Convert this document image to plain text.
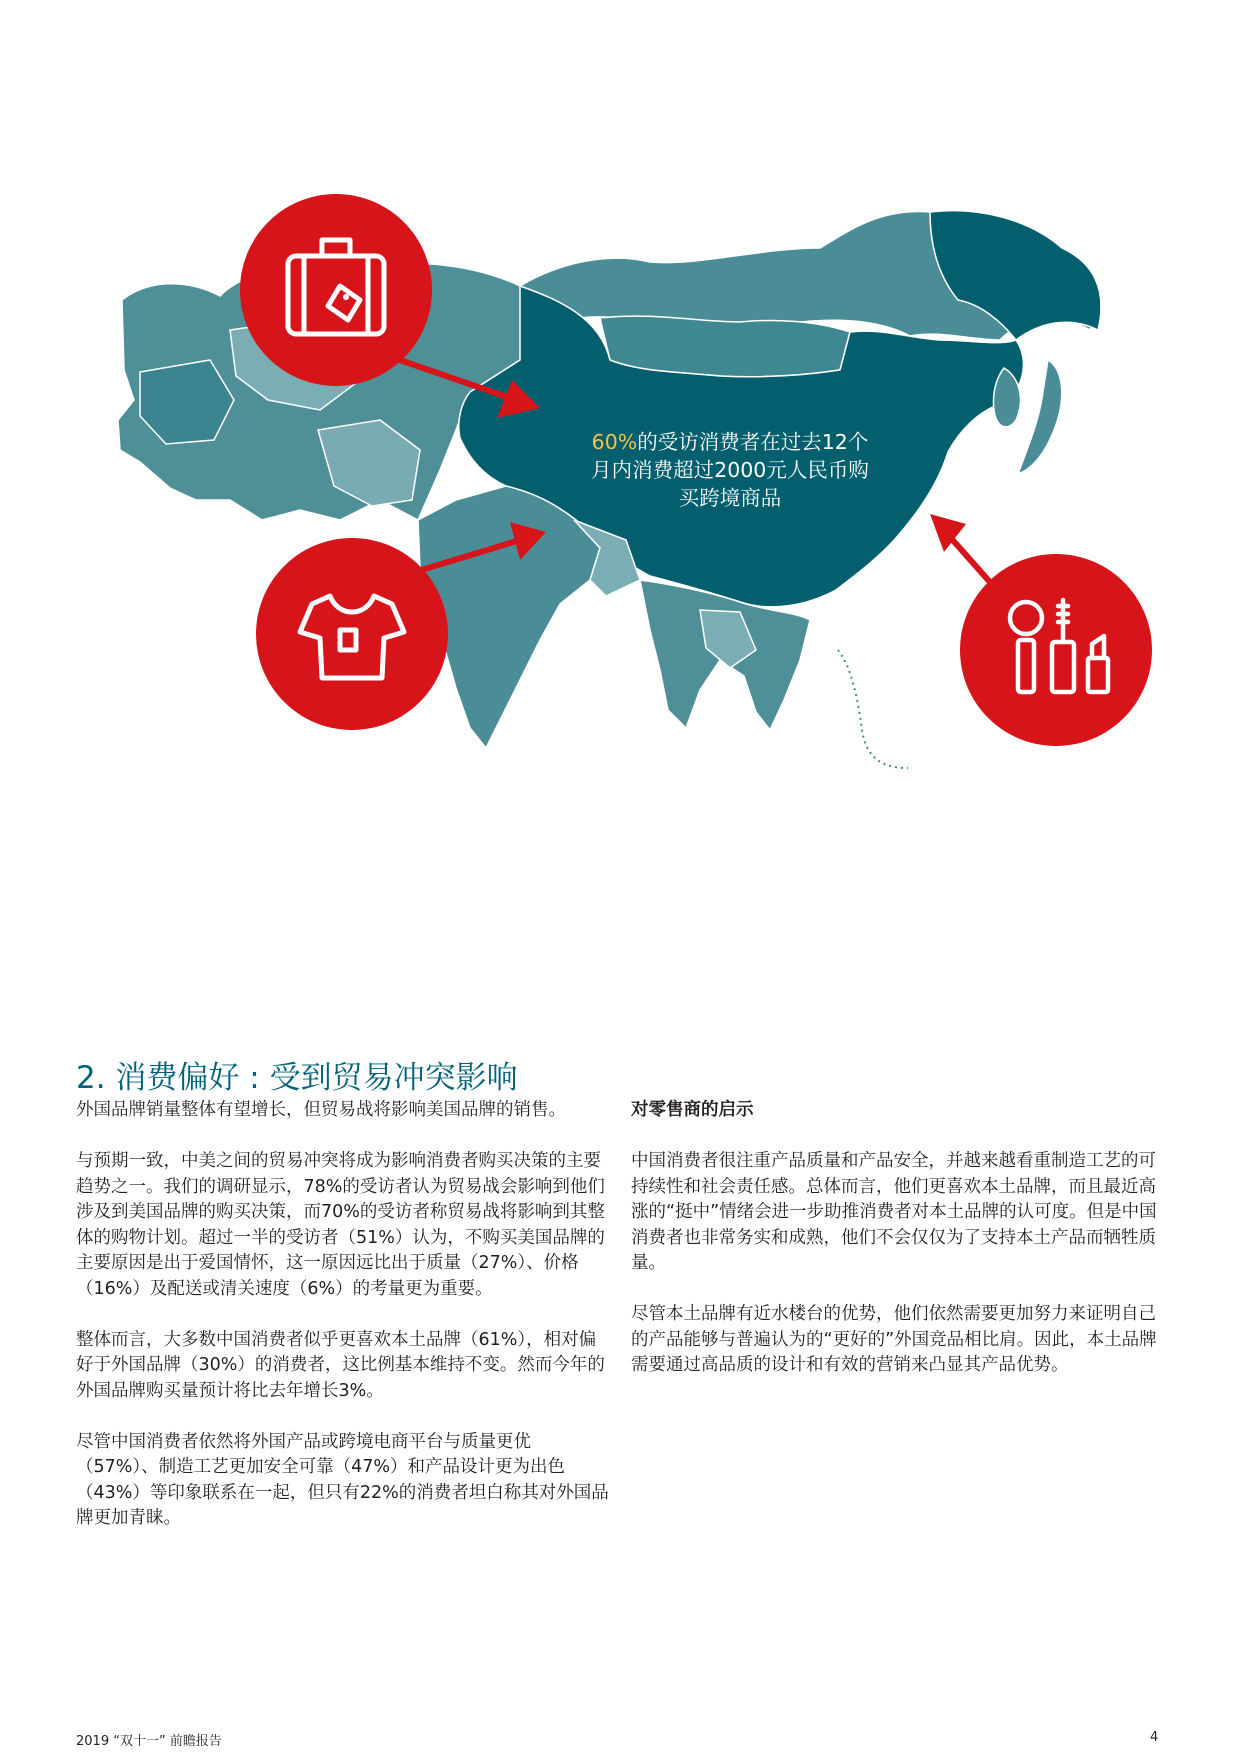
60%的受访消费者在过去12个
月内消费超过2000元人民币购
买跨境商品
2. 消费偏好 : 受到贸易冲突影响

外国品牌销量整体有望增长，但贸易战将影响美国品牌的销售。

与预期一致，中美之间的贸易冲突将成为影响消费者购买决策的主要趋势之一。我们的调研显示，78%的受访者认为贸易战会影响到他们涉及到美国品牌的购买决策，而70%的受访者称贸易战将影响到其整体的购物计划。超过一半的受访者（51%）认为，不购买美国品牌的主要原因是出于爱国情怀，这一原因远比出于质量（27%）、价格（16%）及配送或清关速度（6%）的考量更为重要。

整体而言，大多数中国消费者似乎更喜欢本土品牌（61%），相对偏好于外国品牌（30%）的消费者，这比例基本维持不变。然而今年的外国品牌购买量预计将比去年增长3%。

尽管中国消费者依然将外国产品或跨境电商平台与质量更优（57%）、制造工艺更加安全可靠（47%）和产品设计更为出色（43%）等印象联系在一起，但只有22%的消费者坦白称其对外国品牌更加青睐。

对零售商的启示

中国消费者很注重产品质量和产品安全，并越来越看重制造工艺的可持续性和社会责任感。总体而言，他们更喜欢本土品牌，而且最近高涨的“挺中”情绪会进一步助推消费者对本土品牌的认可度。但是中国消费者也非常务实和成熟，他们不会仅仅为了支持本土产品而牺牲质量。

尽管本土品牌有近水楼台的优势，他们依然需要更加努力来证明自己的产品能够与普遍认为的“更好的”外国竞品相比肩。因此，本土品牌需要通过高品质的设计和有效的营销来凸显其产品优势。

2019 “双十一” 前瞻报告	4
